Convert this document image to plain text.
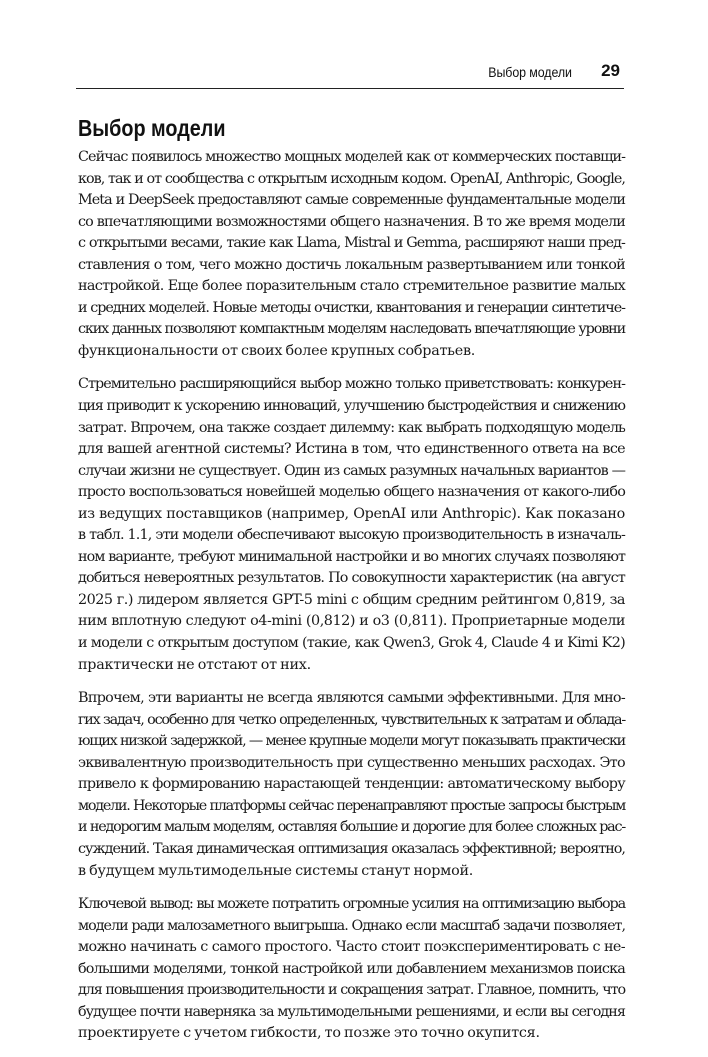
Выбор модели 29
Выбор модели

Сейчас появилось множество мощных моделей как от коммерческих поставщи-
ков, так и от сообщества с открытым исходным кодом. OpenAI, Anthropic, Google,
Meta и DeepSeek предоставляют самые современные фундаментальные модели
со впечатляющими возможностями общего назначения. В то же время модели
с открытыми весами, такие как Llama, Mistral и Gemma, расширяют наши пред-
ставления о том, чего можно достичь локальным развертыванием или тонкой
настройкой. Еще более поразительным стало стремительное развитие малых
и средних моделей. Новые методы очистки, квантования и генерации синтетиче-
ских данных позволяют компактным моделям наследовать впечатляющие уровни
функциональности от своих более крупных собратьев.

Стремительно расширяющийся выбор можно только приветствовать: конкурен-
ция приводит к ускорению инноваций, улучшению быстродействия и снижению
затрат. Впрочем, она также создает дилемму: как выбрать подходящую модель
для вашей агентной системы? Истина в том, что единственного ответа на все
случаи жизни не существует. Один из самых разумных начальных вариантов —
просто воспользоваться новейшей моделью общего назначения от какого-либо
из ведущих поставщиков (например, OpenAI или Anthropic). Как показано
в табл. 1.1, эти модели обеспечивают высокую производительность в изначаль-
ном варианте, требуют минимальной настройки и во многих случаях позволяют
добиться невероятных результатов. По совокупности характеристик (на август
2025 г.) лидером является GPT-5 mini с общим средним рейтингом 0,819, за
ним вплотную следуют o4-mini (0,812) и o3 (0,811). Проприетарные модели
и модели с открытым доступом (такие, как Qwen3, Grok 4, Claude 4 и Kimi K2)
практически не отстают от них.

Впрочем, эти варианты не всегда являются самыми эффективными. Для мно-
гих задач, особенно для четко определенных, чувствительных к затратам и облада-
ющих низкой задержкой, — менее крупные модели могут показывать практически
эквивалентную производительность при существенно меньших расходах. Это
привело к формированию нарастающей тенденции: автоматическому выбору
модели. Некоторые платформы сейчас перенаправляют простые запросы быстрым
и недорогим малым моделям, оставляя большие и дорогие для более сложных рас-
суждений. Такая динамическая оптимизация оказалась эффективной; вероятно,
в будущем мультимодельные системы станут нормой.

Ключевой вывод: вы можете потратить огромные усилия на оптимизацию выбора
модели ради малозаметного выигрыша. Однако если масштаб задачи позволяет,
можно начинать с самого простого. Часто стоит поэкспериментировать с не-
большими моделями, тонкой настройкой или добавлением механизмов поиска
для повышения производительности и сокращения затрат. Главное, помнить, что
будущее почти наверняка за мультимодельными решениями, и если вы сегодня
проектируете с учетом гибкости, то позже это точно окупится.
